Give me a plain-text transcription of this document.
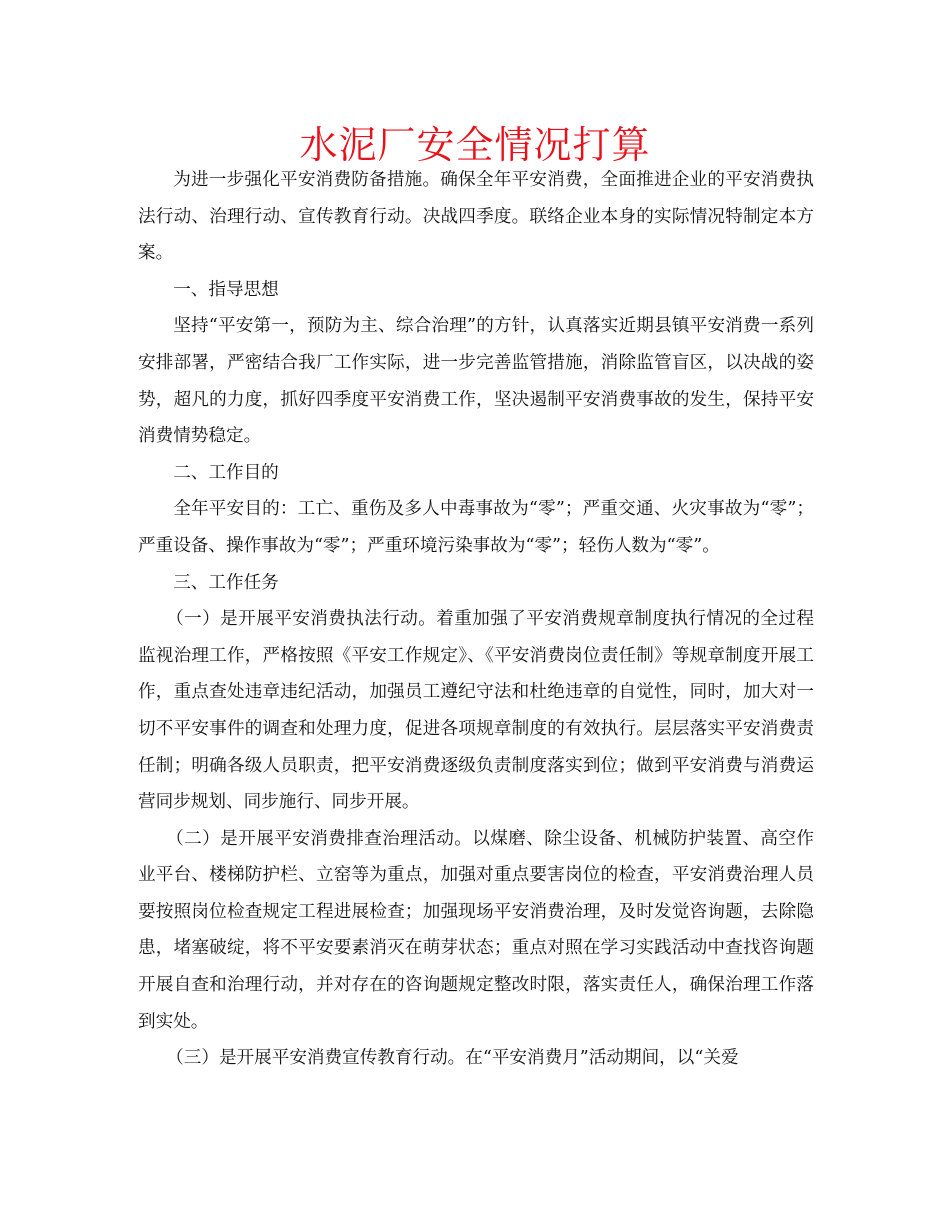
水泥厂安全情况打算

为进一步强化平安消费防备措施。确保全年平安消费，全面推进企业的平安消费执法行动、治理行动、宣传教育行动。决战四季度。联络企业本身的实际情况特制定本方案。

一、指导思想

坚持“平安第一，预防为主、综合治理”的方针，认真落实近期县镇平安消费一系列安排部署，严密结合我厂工作实际，进一步完善监管措施，消除监管盲区，以决战的姿势，超凡的力度，抓好四季度平安消费工作，坚决遏制平安消费事故的发生，保持平安消费情势稳定。

二、工作目的

全年平安目的：工亡、重伤及多人中毒事故为“零”；严重交通、火灾事故为“零”；严重设备、操作事故为“零”；严重环境污染事故为“零”；轻伤人数为“零”。

三、工作任务

（一）是开展平安消费执法行动。着重加强了平安消费规章制度执行情况的全过程监视治理工作，严格按照《平安工作规定》、《平安消费岗位责任制》等规章制度开展工作，重点查处违章违纪活动，加强员工遵纪守法和杜绝违章的自觉性，同时，加大对一切不平安事件的调查和处理力度，促进各项规章制度的有效执行。层层落实平安消费责任制；明确各级人员职责，把平安消费逐级负责制度落实到位；做到平安消费与消费运营同步规划、同步施行、同步开展。

（二）是开展平安消费排查治理活动。以煤磨、除尘设备、机械防护装置、高空作业平台、楼梯防护栏、立窑等为重点，加强对重点要害岗位的检查，平安消费治理人员要按照岗位检查规定工程进展检查；加强现场平安消费治理，及时发觉咨询题，去除隐患，堵塞破绽，将不平安要素消灭在萌芽状态；重点对照在学习实践活动中查找咨询题开展自查和治理行动，并对存在的咨询题规定整改时限，落实责任人，确保治理工作落到实处。

（三）是开展平安消费宣传教育行动。在“平安消费月”活动期间，以“关爱
